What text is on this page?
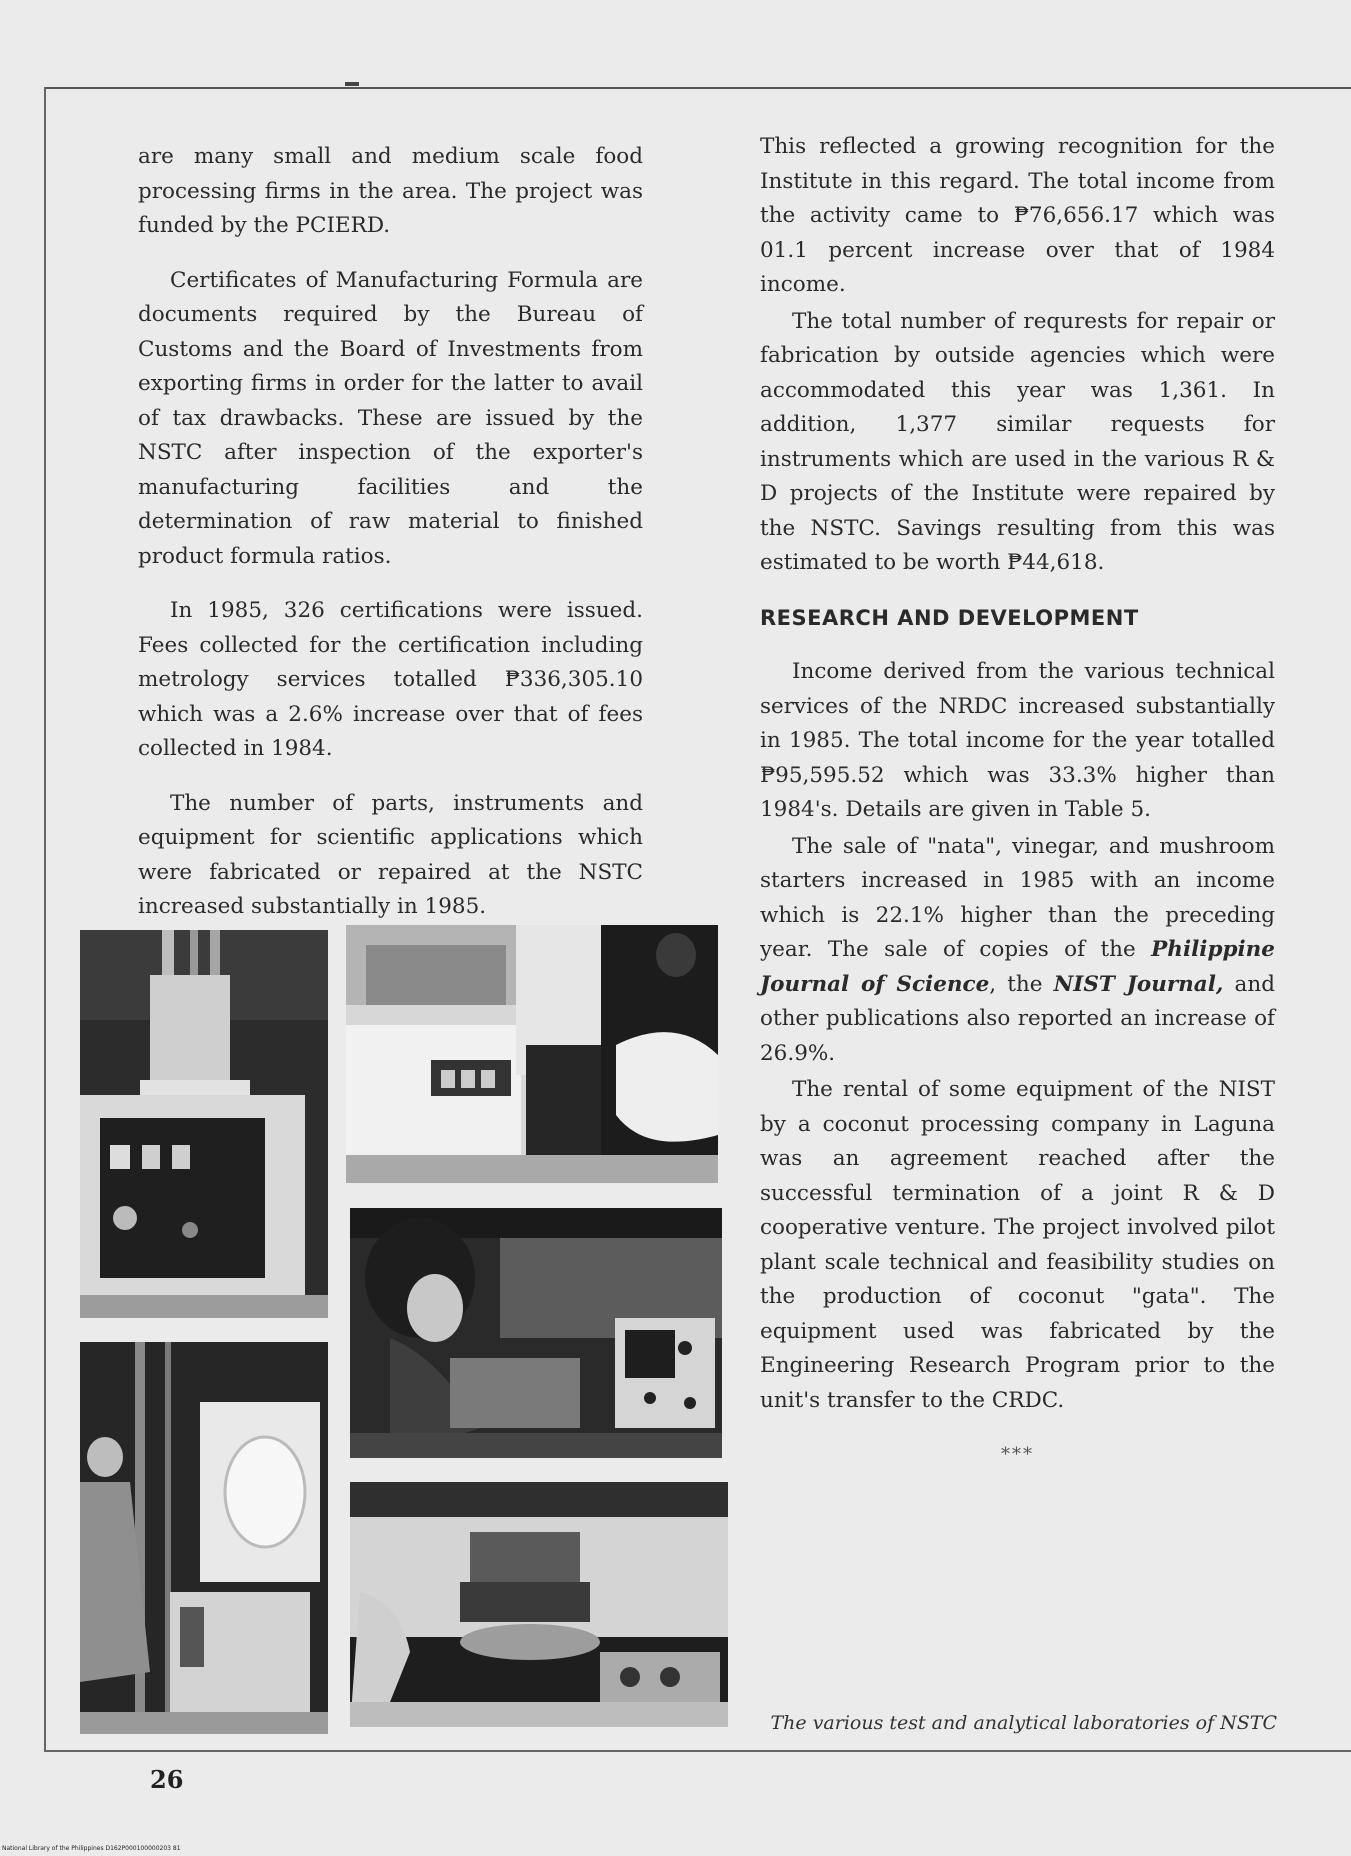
are many small and medium scale food processing firms in the area. The project was funded by the PCIERD.

Certificates of Manufacturing Formula are documents required by the Bureau of Customs and the Board of Investments from exporting firms in order for the latter to avail of tax drawbacks. These are issued by the NSTC after inspection of the exporter's manufacturing facilities and the determination of raw material to finished product formula ratios.

In 1985, 326 certifications were issued. Fees collected for the certification including metrology services totalled ₱336,305.10 which was a 2.6% increase over that of fees collected in 1984.

The number of parts, instruments and equipment for scientific applications which were fabricated or repaired at the NSTC increased substantially in 1985.

This reflected a growing recognition for the Institute in this regard. The total income from the activity came to ₱76,656.17 which was 01.1 percent increase over that of 1984 income.

The total number of requrests for repair or fabrication by outside agencies which were accommodated this year was 1,361. In addition, 1,377 similar requests for instruments which are used in the various R & D projects of the Institute were repaired by the NSTC. Savings resulting from this was estimated to be worth ₱44,618.

RESEARCH AND DEVELOPMENT

Income derived from the various technical services of the NRDC increased substantially in 1985. The total income for the year totalled ₱95,595.52 which was 33.3% higher than 1984's. Details are given in Table 5.

The sale of "nata", vinegar, and mushroom starters increased in 1985 with an income which is 22.1% higher than the preceding year. The sale of copies of the Philippine Journal of Science, the NIST Journal, and other publications also reported an increase of 26.9%.

The rental of some equipment of the NIST by a coconut processing company in Laguna was an agreement reached after the successful termination of a joint R & D cooperative venture. The project involved pilot plant scale technical and feasibility studies on the production of coconut "gata". The equipment used was fabricated by the Engineering Research Program prior to the unit's transfer to the CRDC.

***
The various test and analytical laboratories of NSTC
26
National Library of the Philippines D162P000100000203 81
